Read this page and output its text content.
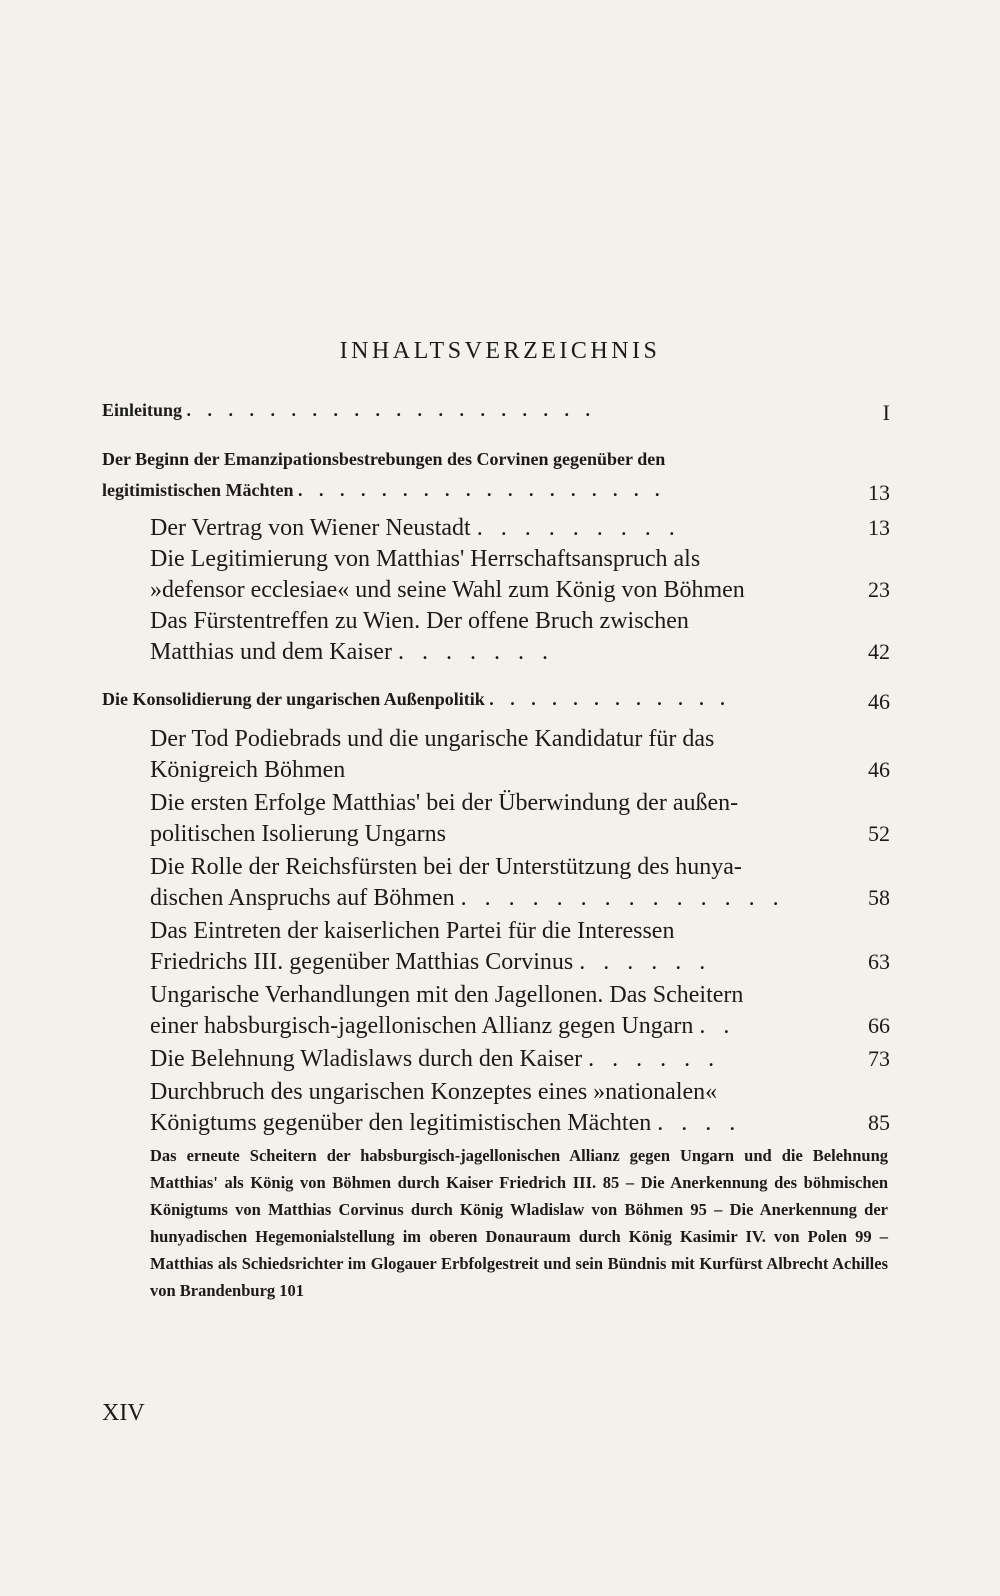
INHALTSVERZEICHNIS
Einleitung . . . . . . . . . . . . . . . . . . . .	I
Der Beginn der Emanzipationsbestrebungen des Corvinen gegenüber den
legitimistischen Mächten . . . . . . . . . . . . . . . . . .	13
Der Vertrag von Wiener Neustadt . . . . . . . . .	13
Die Legitimierung von Matthias' Herrschaftsanspruch als
»defensor ecclesiae« und seine Wahl zum König von Böhmen	23
Das Fürstentreffen zu Wien. Der offene Bruch zwischen
Matthias und dem Kaiser . . . . . . .	42
Die Konsolidierung der ungarischen Außenpolitik . . . . . . . . . . . .	46
Der Tod Podiebrads und die ungarische Kandidatur für das
Königreich Böhmen	46
Die ersten Erfolge Matthias' bei der Überwindung der außen-
politischen Isolierung Ungarns	52
Die Rolle der Reichsfürsten bei der Unterstützung des hunya-
dischen Anspruchs auf Böhmen . . . . . . . . . . . . . .	58
Das Eintreten der kaiserlichen Partei für die Interessen
Friedrichs III. gegenüber Matthias Corvinus . . . . . .	63
Ungarische Verhandlungen mit den Jagellonen. Das Scheitern
einer habsburgisch-jagellonischen Allianz gegen Ungarn . .	66
Die Belehnung Wladislaws durch den Kaiser . . . . . .	73
Durchbruch des ungarischen Konzeptes eines »nationalen«
Königtums gegenüber den legitimistischen Mächten . . . .	85
Das erneute Scheitern der habsburgisch-jagellonischen Allianz gegen Ungarn und die Belehnung Matthias' als König von Böhmen durch Kaiser Friedrich III. 85 – Die Anerkennung des böhmischen Königtums von Matthias Corvinus durch König Wladislaw von Böhmen 95 – Die Anerkennung der hunyadischen Hegemonialstellung im oberen Donauraum durch König Kasimir IV. von Polen 99 – Matthias als Schiedsrichter im Glogauer Erbfolgestreit und sein Bündnis mit Kurfürst Albrecht Achilles von Brandenburg 101
XIV
